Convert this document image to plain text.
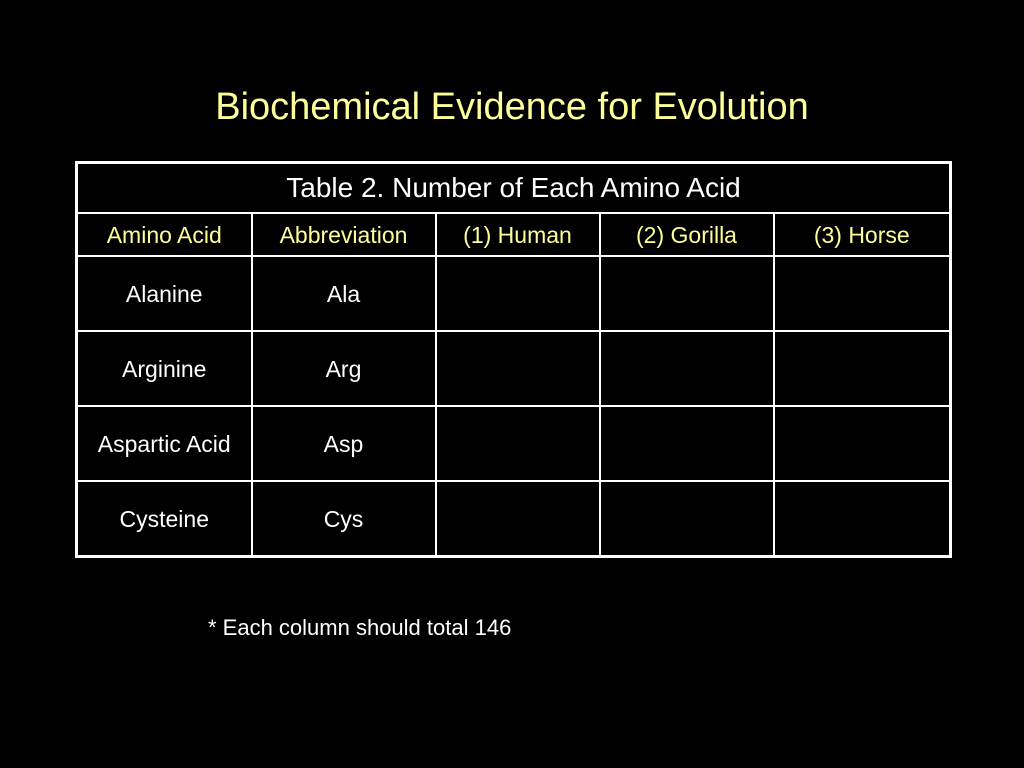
Biochemical Evidence for Evolution
Table 2. Number of Each Amino Acid				
Amino Acid	Abbreviation	(1) Human	(2) Gorilla	(3) Horse
Alanine	Ala			
Arginine	Arg			
Aspartic Acid	Asp			
Cysteine	Cys			
* Each column should total 146
